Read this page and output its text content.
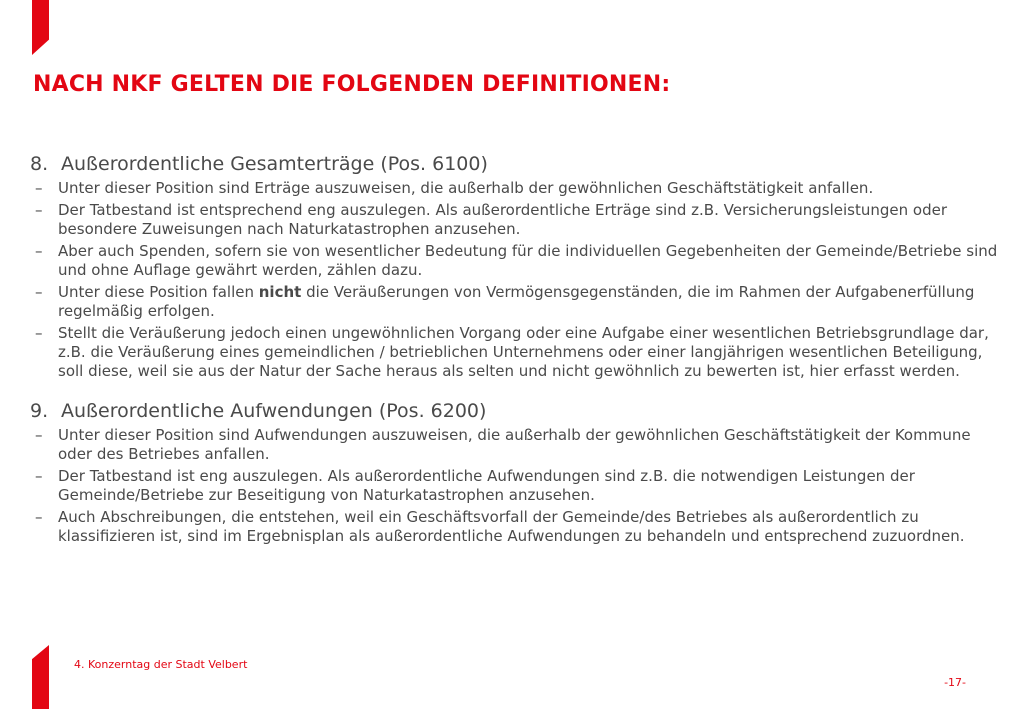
NACH NKF GELTEN DIE FOLGENDEN DEFINITIONEN:
8. Außerordentliche Gesamterträge (Pos. 6100)
–	Unter dieser Position sind Erträge auszuweisen, die außerhalb der gewöhnlichen Geschäftstätigkeit anfallen.
–	Der Tatbestand ist entsprechend eng auszulegen. Als außerordentliche Erträge sind z.B. Versicherungsleistungen oder besondere Zuweisungen nach Naturkatastrophen anzusehen.
–	Aber auch Spenden, sofern sie von wesentlicher Bedeutung für die individuellen Gegebenheiten der Gemeinde/Betriebe sind und ohne Auflage gewährt werden, zählen dazu.
–	Unter diese Position fallen nicht die Veräußerungen von Vermögensgegenständen, die im Rahmen der Aufgabenerfüllung regelmäßig erfolgen.
–	Stellt die Veräußerung jedoch einen ungewöhnlichen Vorgang oder eine Aufgabe einer wesentlichen Betriebsgrundlage dar, z.B. die Veräußerung eines gemeindlichen / betrieblichen Unternehmens oder einer langjährigen wesentlichen Beteiligung, soll diese, weil sie aus der Natur der Sache heraus als selten und nicht gewöhnlich zu bewerten ist, hier erfasst werden.
9. Außerordentliche Aufwendungen (Pos. 6200)
–	Unter dieser Position sind Aufwendungen auszuweisen, die außerhalb der gewöhnlichen Geschäftstätigkeit der Kommune oder des Betriebes anfallen.
–	Der Tatbestand ist eng auszulegen. Als außerordentliche Aufwendungen sind z.B. die notwendigen Leistungen der Gemeinde/Betriebe zur Beseitigung von Naturkatastrophen anzusehen.
–	Auch Abschreibungen, die entstehen, weil ein Geschäftsvorfall der Gemeinde/des Betriebes als außerordentlich zu klassifizieren ist, sind im Ergebnisplan als außerordentliche Aufwendungen zu behandeln und entsprechend zuzuordnen.
4. Konzerntag der Stadt Velbert
-17-
